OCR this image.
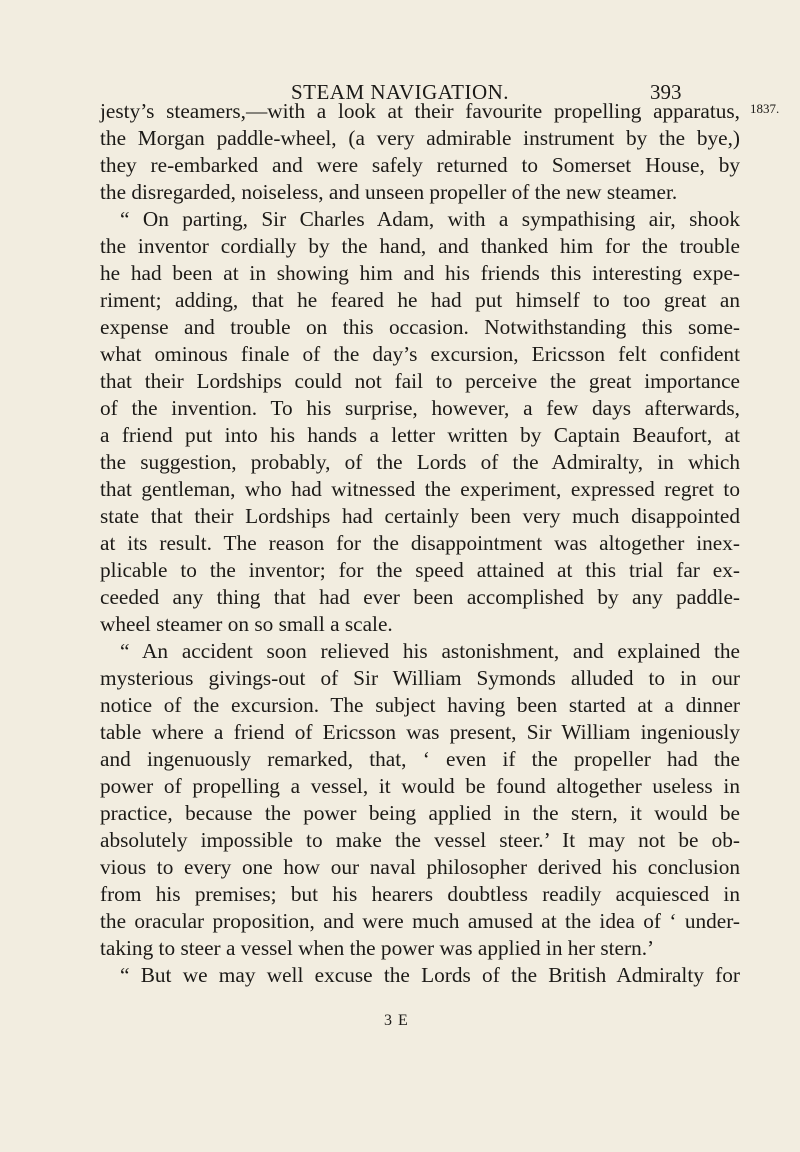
STEAM NAVIGATION.	393
1837.
jesty’s steamers,—with a look at their favourite propelling apparatus,
the Morgan paddle-wheel, (a very admirable instrument by the bye,)
they re-embarked and were safely returned to Somerset House, by
the disregarded, noiseless, and unseen propeller of the new steamer.
“ On parting, Sir Charles Adam, with a sympathising air, shook
the inventor cordially by the hand, and thanked him for the trouble
he had been at in showing him and his friends this interesting expe-
riment; adding, that he feared he had put himself to too great an
expense and trouble on this occasion. Notwithstanding this some-
what ominous finale of the day’s excursion, Ericsson felt confident
that their Lordships could not fail to perceive the great importance
of the invention. To his surprise, however, a few days afterwards,
a friend put into his hands a letter written by Captain Beaufort, at
the suggestion, probably, of the Lords of the Admiralty, in which
that gentleman, who had witnessed the experiment, expressed regret to
state that their Lordships had certainly been very much disappointed
at its result. The reason for the disappointment was altogether inex-
plicable to the inventor; for the speed attained at this trial far ex-
ceeded any thing that had ever been accomplished by any paddle-
wheel steamer on so small a scale.
“ An accident soon relieved his astonishment, and explained the
mysterious givings-out of Sir William Symonds alluded to in our
notice of the excursion. The subject having been started at a dinner
table where a friend of Ericsson was present, Sir William ingeniously
and ingenuously remarked, that, ‘ even if the propeller had the
power of propelling a vessel, it would be found altogether useless in
practice, because the power being applied in the stern, it would be
absolutely impossible to make the vessel steer.’ It may not be ob-
vious to every one how our naval philosopher derived his conclusion
from his premises; but his hearers doubtless readily acquiesced in
the oracular proposition, and were much amused at the idea of ‘ under-
taking to steer a vessel when the power was applied in her stern.’
“ But we may well excuse the Lords of the British Admiralty for
3 E
